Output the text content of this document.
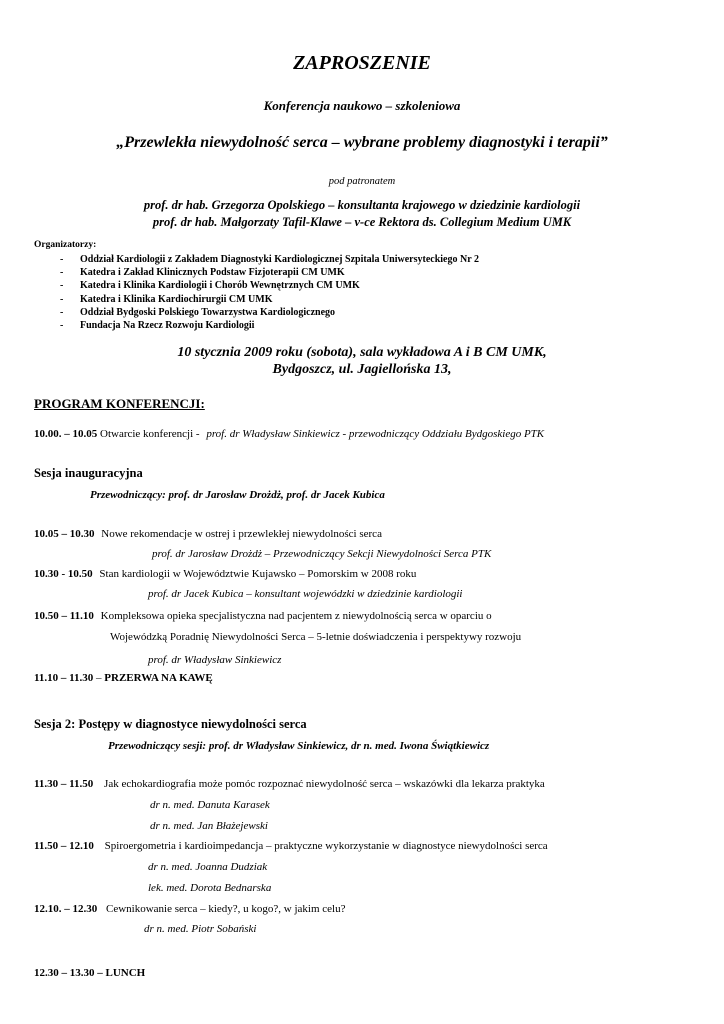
ZAPROSZENIE
Konferencja naukowo – szkoleniowa
„Przewlekła niewydolność serca – wybrane problemy diagnostyki i terapii”
pod patronatem
prof. dr hab. Grzegorza Opolskiego – konsultanta krajowego w dziedzinie kardiologii
prof. dr hab. Małgorzaty Tafil-Klawe – v-ce Rektora ds. Collegium Medium UMK
Organizatorzy:
- Oddział Kardiologii z Zakładem Diagnostyki Kardiologicznej Szpitala Uniwersyteckiego Nr 2
- Katedra i Zakład Klinicznych Podstaw Fizjoterapii CM UMK
- Katedra i Klinika Kardiologii i Chorób Wewnętrznych CM UMK
- Katedra i Klinika Kardiochirurgii CM UMK
- Oddział Bydgoski Polskiego Towarzystwa Kardiologicznego
- Fundacja Na Rzecz Rozwoju Kardiologii
10 stycznia 2009 roku (sobota), sala wykładowa A i B CM UMK,
Bydgoszcz, ul. Jagiellońska 13,
PROGRAM KONFERENCJI:
10.00. – 10.05 Otwarcie konferencji - prof. dr Władysław Sinkiewicz - przewodniczący Oddziału Bydgoskiego PTK
Sesja inauguracyjna
Przewodniczący: prof. dr Jarosław Drożdż, prof. dr Jacek Kubica
10.05 – 10.30 Nowe rekomendacje w ostrej i przewlekłej niewydolności serca
prof. dr Jarosław Drożdż – Przewodniczący Sekcji Niewydolności Serca PTK
10.30 - 10.50 Stan kardiologii w Województwie Kujawsko – Pomorskim w 2008 roku
prof. dr Jacek Kubica – konsultant wojewódzki w dziedzinie kardiologii
10.50 – 11.10 Kompleksowa opieka specjalistyczna nad pacjentem z niewydolnością serca w oparciu o
Wojewódzką Poradnię Niewydolności Serca – 5-letnie doświadczenia i perspektywy rozwoju
prof. dr Władysław Sinkiewicz
11.10 – 11.30 – PRZERWA NA KAWĘ
Sesja 2: Postępy w diagnostyce niewydolności serca
Przewodniczący sesji: prof. dr Władysław Sinkiewicz, dr n. med. Iwona Świątkiewicz
11.30 – 11.50 Jak echokardiografia może pomóc rozpoznać niewydolność serca – wskazówki dla lekarza praktyka
dr n. med. Danuta Karasek
dr n. med. Jan Błażejewski
11.50 – 12.10 Spiroergometria i kardioimpedancja – praktyczne wykorzystanie w diagnostyce niewydolności serca
dr n. med. Joanna Dudziak
lek. med. Dorota Bednarska
12.10. – 12.30 Cewnikowanie serca – kiedy?, u kogo?, w jakim celu?
dr n. med. Piotr Sobański
12.30 – 13.30 – LUNCH
